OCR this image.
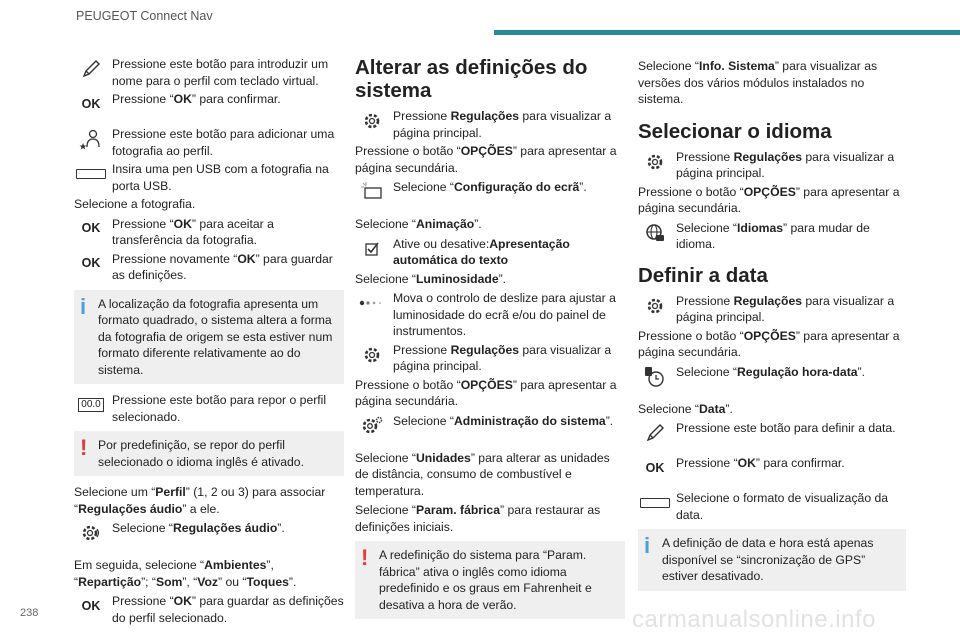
PEUGEOT Connect Nav
Pressione este botão para introduzir um nome para o perfil com teclado virtual.
OK Pressione “OK” para confirmar.
Pressione este botão para adicionar uma fotografia ao perfil.
Insira uma pen USB com a fotografia na porta USB.
Selecione a fotografia.
OK Pressione “OK” para aceitar a transferência da fotografia.
OK Pressione novamente “OK” para guardar as definições.
i A localização da fotografia apresenta um formato quadrado, o sistema altera a forma da fotografia de origem se esta estiver num formato diferente relativamente ao do sistema.
00.0 Pressione este botão para repor o perfil selecionado.
! Por predefinição, se repor do perfil selecionado o idioma inglês é ativado.
Selecione um “Perfil” (1, 2 ou 3) para associar “Regulações áudio” a ele.
Selecione “Regulações áudio”.
Em seguida, selecione “Ambientes”, “Repartição”; “Som”, “Voz” ou “Toques”.
OK Pressione “OK” para guardar as definições do perfil selecionado.
Alterar as definições do sistema
Pressione Regulações para visualizar a página principal.
Pressione o botão “OPÇÕES” para apresentar a página secundária.
Selecione “Configuração do ecrã”.
Selecione “Animação”.
Ative ou desative:Apresentação automática do texto
Selecione “Luminosidade”.
Mova o controlo de deslize para ajustar a luminosidade do ecrã e/ou do painel de instrumentos.
Pressione Regulações para visualizar a página principal.
Pressione o botão “OPÇÕES” para apresentar a página secundária.
Selecione “Administração do sistema”.
Selecione “Unidades” para alterar as unidades de distância, consumo de combustível e temperatura.
Selecione “Param. fábrica” para restaurar as definições iniciais.
! A redefinição do sistema para “Param. fábrica” ativa o inglês como idioma predefinido e os graus em Fahrenheit e desativa a hora de verão.
Selecione “Info. Sistema” para visualizar as versões dos vários módulos instalados no sistema.
Selecionar o idioma
Pressione Regulações para visualizar a página principal.
Pressione o botão “OPÇÕES” para apresentar a página secundária.
Selecione “Idiomas” para mudar de idioma.
Definir a data
Pressione Regulações para visualizar a página principal.
Pressione o botão “OPÇÕES” para apresentar a página secundária.
Selecione “Regulação hora-data”.
Selecione “Data”.
Pressione este botão para definir a data.
OK Pressione “OK” para confirmar.
Selecione o formato de visualização da data.
i A definição de data e hora está apenas disponível se “sincronização de GPS” estiver desativado.
238	carmanualsonline.info
